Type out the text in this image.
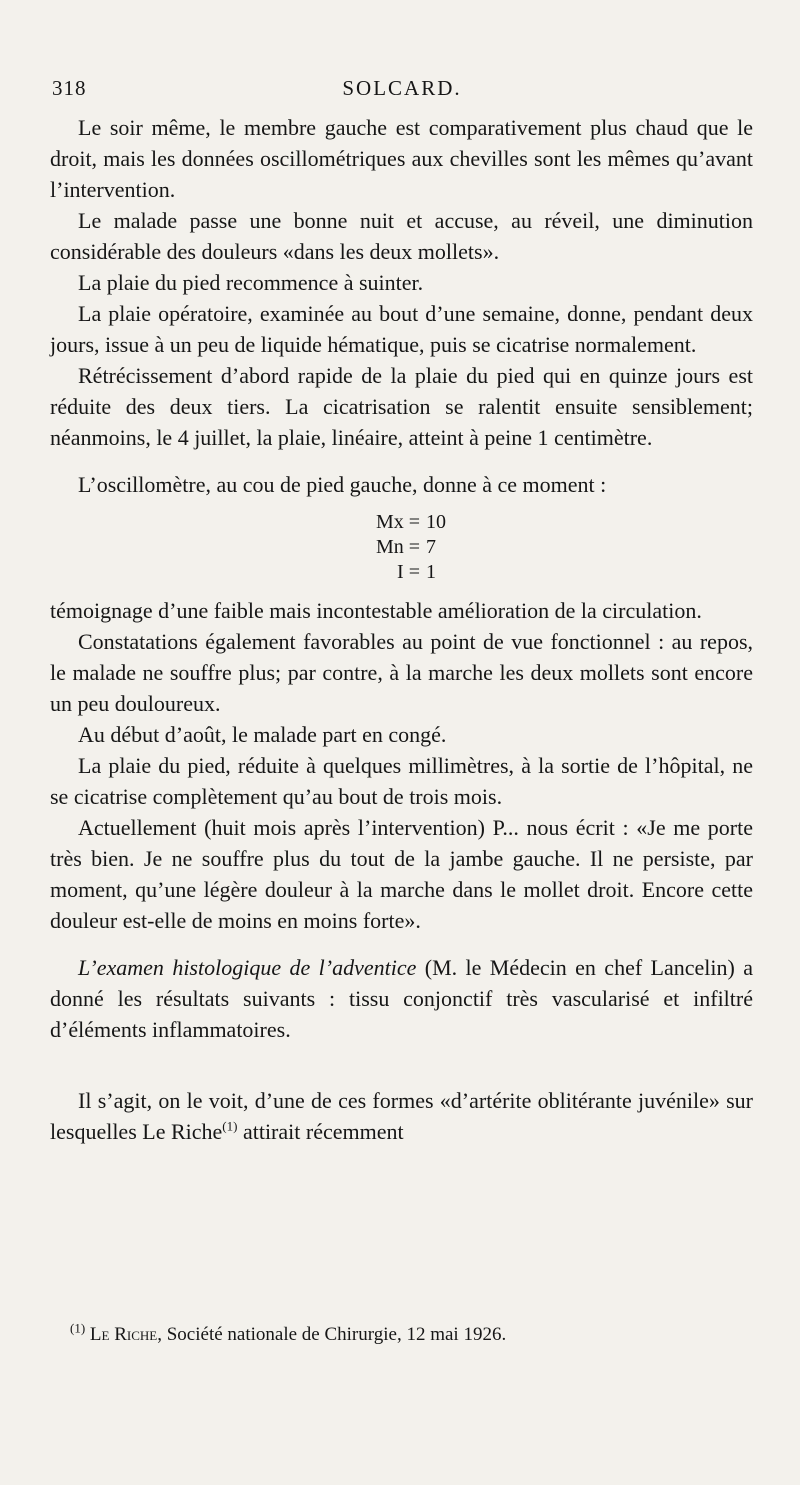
318	SOLCARD.

Le soir même, le membre gauche est comparativement plus chaud que le droit, mais les données oscillométriques aux chevilles sont les mêmes qu’avant l’intervention.

Le malade passe une bonne nuit et accuse, au réveil, une diminution considérable des douleurs «dans les deux mollets».

La plaie du pied recommence à suinter.

La plaie opératoire, examinée au bout d’une semaine, donne, pendant deux jours, issue à un peu de liquide hématique, puis se cicatrise normalement.

Rétrécissement d’abord rapide de la plaie du pied qui en quinze jours est réduite des deux tiers. La cicatrisation se ralentit ensuite sensiblement; néanmoins, le 4 juillet, la plaie, linéaire, atteint à peine 1 centimètre.

L’oscillomètre, au cou de pied gauche, donne à ce moment :

Mx = 10
Mn = 7
I = 1

témoignage d’une faible mais incontestable amélioration de la circulation.

Constatations également favorables au point de vue fonctionnel : au repos, le malade ne souffre plus; par contre, à la marche les deux mollets sont encore un peu douloureux.

Au début d’août, le malade part en congé.

La plaie du pied, réduite à quelques millimètres, à la sortie de l’hôpital, ne se cicatrise complètement qu’au bout de trois mois.

Actuellement (huit mois après l’intervention) P... nous écrit : «Je me porte très bien. Je ne souffre plus du tout de la jambe gauche. Il ne persiste, par moment, qu’une légère douleur à la marche dans le mollet droit. Encore cette douleur est-elle de moins en moins forte».

L’examen histologique de l’adventice (M. le Médecin en chef Lancelin) a donné les résultats suivants : tissu conjonctif très vascularisé et infiltré d’éléments inflammatoires.

Il s’agit, on le voit, d’une de ces formes «d’artérite oblitérante juvénile» sur lesquelles Le Riche$^{(1)}$ attirait récemment

$^{(1)}$ Le Riche, Société nationale de Chirurgie, 12 mai 1926.
